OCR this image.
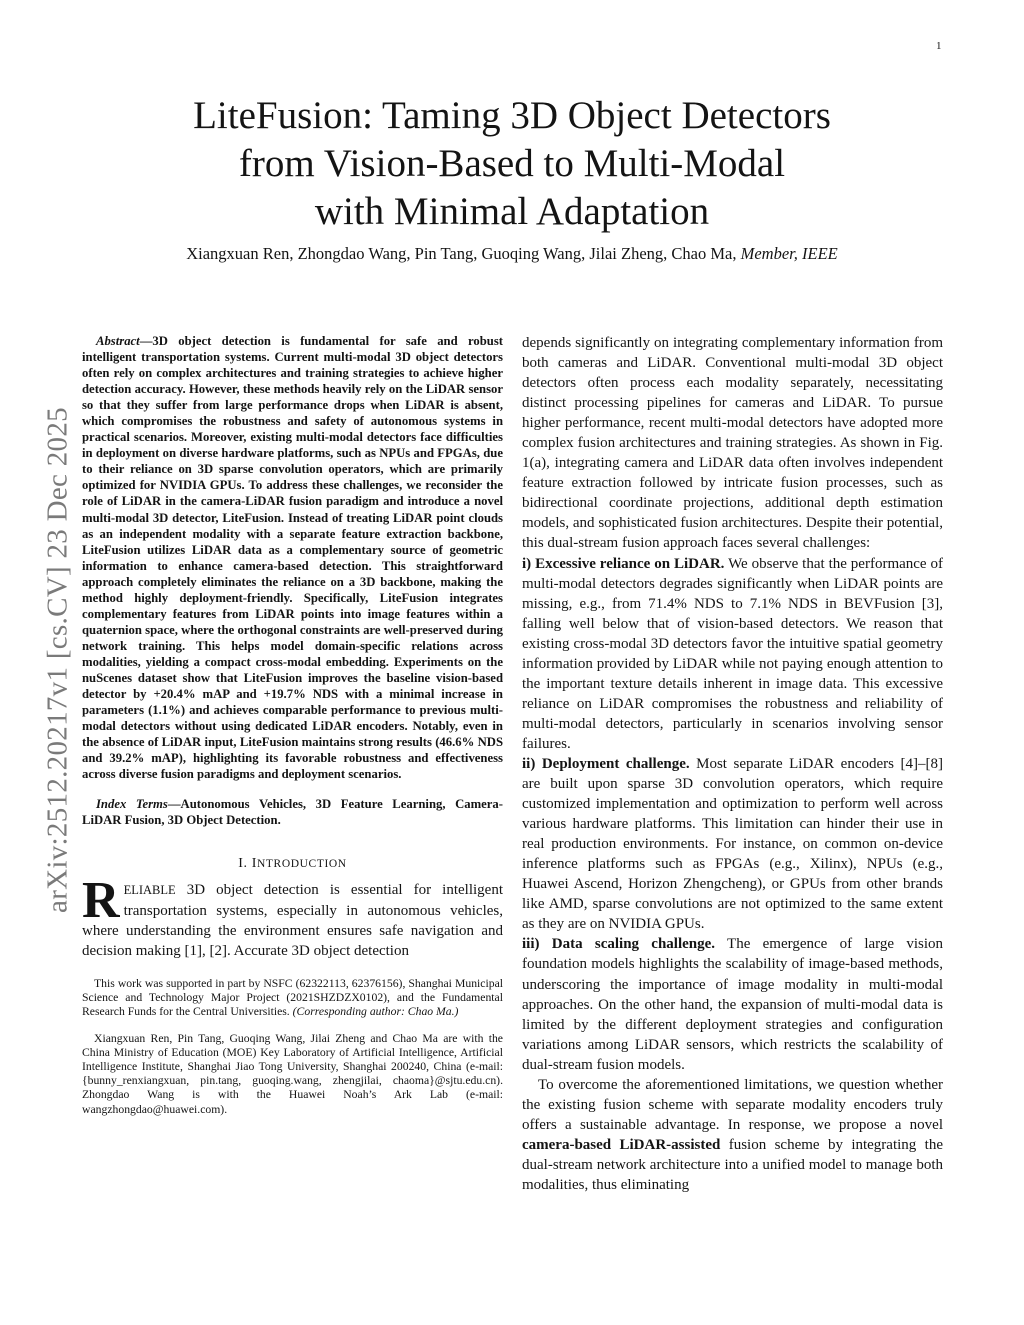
1
arXiv:2512.20217v1 [cs.CV] 23 Dec 2025
LiteFusion: Taming 3D Object Detectors
from Vision-Based to Multi-Modal
with Minimal Adaptation

Xiangxuan Ren, Zhongdao Wang, Pin Tang, Guoqing Wang, Jilai Zheng, Chao Ma, Member, IEEE

Abstract—3D object detection is fundamental for safe and robust intelligent transportation systems. Current multi-modal 3D object detectors often rely on complex architectures and training strategies to achieve higher detection accuracy. However, these methods heavily rely on the LiDAR sensor so that they suffer from large performance drops when LiDAR is absent, which compromises the robustness and safety of autonomous systems in practical scenarios. Moreover, existing multi-modal detectors face difficulties in deployment on diverse hardware platforms, such as NPUs and FPGAs, due to their reliance on 3D sparse convolution operators, which are primarily optimized for NVIDIA GPUs. To address these challenges, we reconsider the role of LiDAR in the camera-LiDAR fusion paradigm and introduce a novel multi-modal 3D detector, LiteFusion. Instead of treating LiDAR point clouds as an independent modality with a separate feature extraction backbone, LiteFusion utilizes LiDAR data as a complementary source of geometric information to enhance camera-based detection. This straightforward approach completely eliminates the reliance on a 3D backbone, making the method highly deployment-friendly. Specifically, LiteFusion integrates complementary features from LiDAR points into image features within a quaternion space, where the orthogonal constraints are well-preserved during network training. This helps model domain-specific relations across modalities, yielding a compact cross-modal embedding. Experiments on the nuScenes dataset show that LiteFusion improves the baseline vision-based detector by +20.4% mAP and +19.7% NDS with a minimal increase in parameters (1.1%) and achieves comparable performance to previous multi-modal detectors without using dedicated LiDAR encoders. Notably, even in the absence of LiDAR input, LiteFusion maintains strong results (46.6% NDS and 39.2% mAP), highlighting its favorable robustness and effectiveness across diverse fusion paradigms and deployment scenarios.

Index Terms—Autonomous Vehicles, 3D Feature Learning, Camera-LiDAR Fusion, 3D Object Detection.

I. INTRODUCTION

RELIABLE 3D object detection is essential for intelligent transportation systems, especially in autonomous vehicles, where understanding the environment ensures safe navigation and decision making [1], [2]. Accurate 3D object detection

This work was supported in part by NSFC (62322113, 62376156), Shanghai Municipal Science and Technology Major Project (2021SHZDZX0102), and the Fundamental Research Funds for the Central Universities. (Corresponding author: Chao Ma.)

Xiangxuan Ren, Pin Tang, Guoqing Wang, Jilai Zheng and Chao Ma are with the China Ministry of Education (MOE) Key Laboratory of Artificial Intelligence, Artificial Intelligence Institute, Shanghai Jiao Tong University, Shanghai 200240, China (e-mail: {bunny_renxiangxuan, pin.tang, guoqing.wang, zhengjilai, chaoma}@sjtu.edu.cn). Zhongdao Wang is with the Huawei Noah’s Ark Lab (e-mail: wangzhongdao@huawei.com).

depends significantly on integrating complementary information from both cameras and LiDAR. Conventional multi-modal 3D object detectors often process each modality separately, necessitating distinct processing pipelines for cameras and LiDAR. To pursue higher performance, recent multi-modal detectors have adopted more complex fusion architectures and training strategies. As shown in Fig. 1(a), integrating camera and LiDAR data often involves independent feature extraction followed by intricate fusion processes, such as bidirectional coordinate projections, additional depth estimation models, and sophisticated fusion architectures. Despite their potential, this dual-stream fusion approach faces several challenges:

i) Excessive reliance on LiDAR. We observe that the performance of multi-modal detectors degrades significantly when LiDAR points are missing, e.g., from 71.4% NDS to 7.1% NDS in BEVFusion [3], falling well below that of vision-based detectors. We reason that existing cross-modal 3D detectors favor the intuitive spatial geometry information provided by LiDAR while not paying enough attention to the important texture details inherent in image data. This excessive reliance on LiDAR compromises the robustness and reliability of multi-modal detectors, particularly in scenarios involving sensor failures.

ii) Deployment challenge. Most separate LiDAR encoders [4]–[8] are built upon sparse 3D convolution operators, which require customized implementation and optimization to perform well across various hardware platforms. This limitation can hinder their use in real production environments. For instance, on common on-device inference platforms such as FPGAs (e.g., Xilinx), NPUs (e.g., Huawei Ascend, Horizon Zhengcheng), or GPUs from other brands like AMD, sparse convolutions are not optimized to the same extent as they are on NVIDIA GPUs.

iii) Data scaling challenge. The emergence of large vision foundation models highlights the scalability of image-based methods, underscoring the importance of image modality in multi-modal approaches. On the other hand, the expansion of multi-modal data is limited by the different deployment strategies and configuration variations among LiDAR sensors, which restricts the scalability of dual-stream fusion models.

To overcome the aforementioned limitations, we question whether the existing fusion scheme with separate modality encoders truly offers a sustainable advantage. In response, we propose a novel camera-based LiDAR-assisted fusion scheme by integrating the dual-stream network architecture into a unified model to manage both modalities, thus eliminating
